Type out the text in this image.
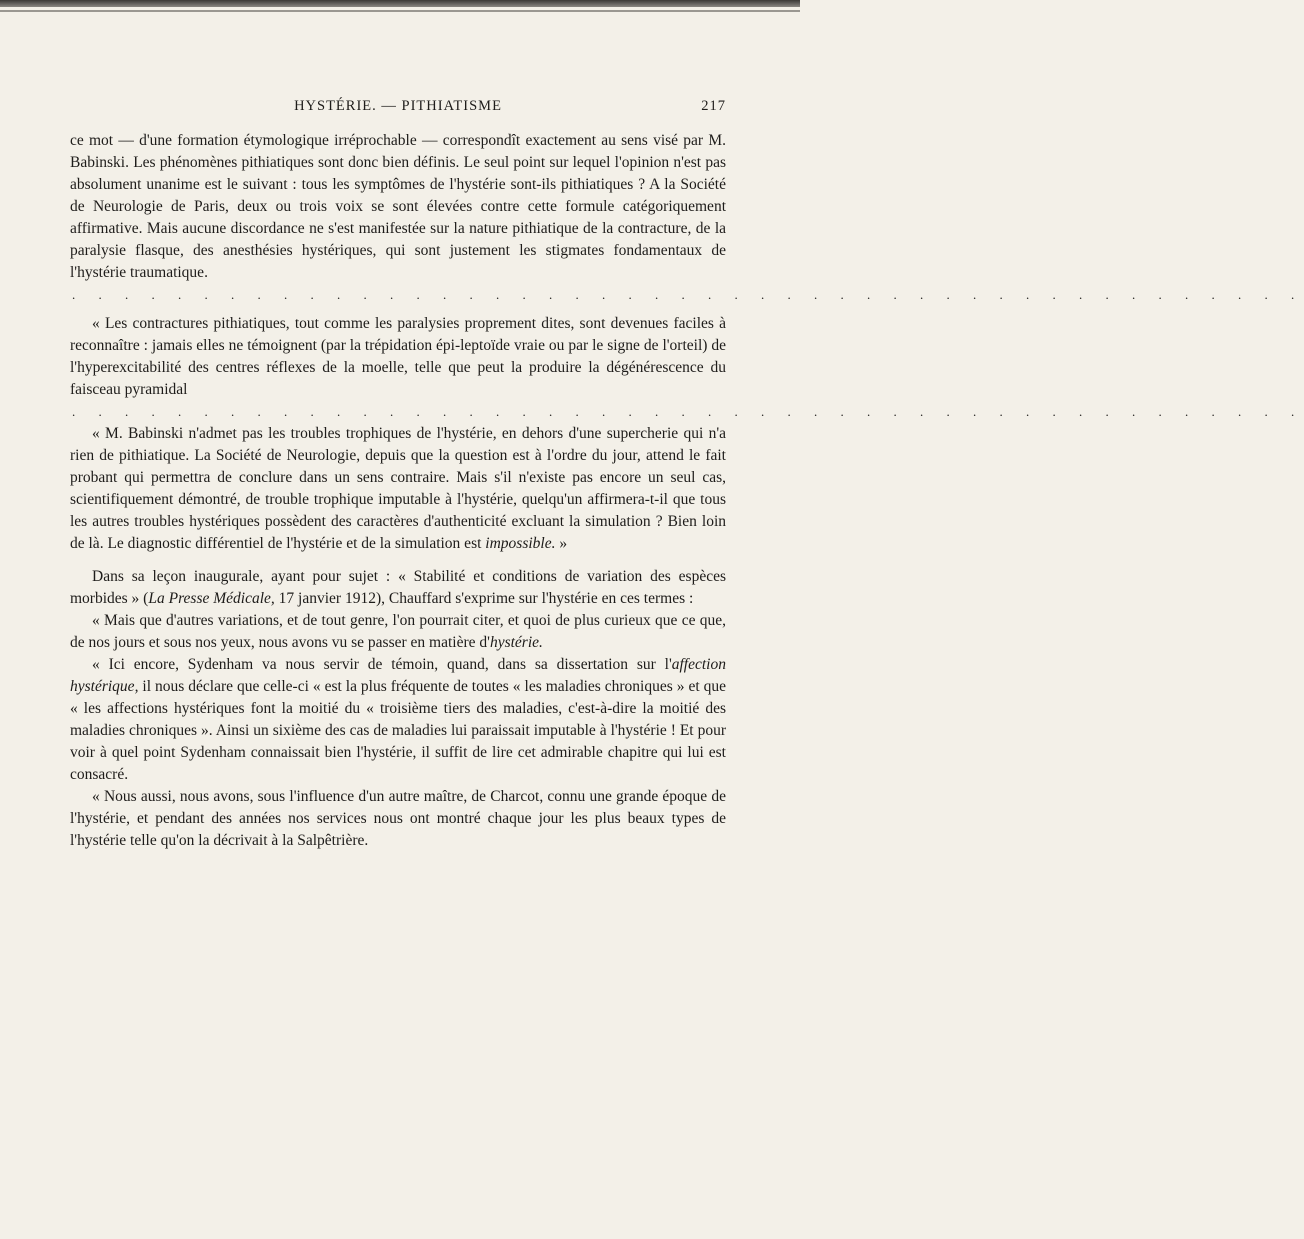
HYSTÉRIE. — PITHIATISME	217

ce mot — d'une formation étymologique irréprochable — correspondît exactement au sens visé par M. Babinski. Les phénomènes pithiatiques sont donc bien définis. Le seul point sur lequel l'opinion n'est pas absolument unanime est le suivant : tous les symptômes de l'hystérie sont-ils pithiatiques ? A la Société de Neurologie de Paris, deux ou trois voix se sont élevées contre cette formule catégoriquement affirmative. Mais aucune discordance ne s'est manifestée sur la nature pithiatique de la contracture, de la paralysie flasque, des anesthésies hystériques, qui sont justement les stigmates fondamentaux de l'hystérie traumatique.

. . . . . . . . . . . . . . . . . . . . . . . . . . . . . . . . . . . . . . . . . . . . . . .

« Les contractures pithiatiques, tout comme les paralysies proprement dites, sont devenues faciles à reconnaître : jamais elles ne témoignent (par la trépidation épi-leptoïde vraie ou par le signe de l'orteil) de l'hyperexcitabilité des centres réflexes de la moelle, telle que peut la produire la dégénérescence du faisceau pyramidal

. . . . . . . . . . . . . . . . . . . . . . . . . . . . . . . . . . . . . . . . . . . . . . .

« M. Babinski n'admet pas les troubles trophiques de l'hystérie, en dehors d'une supercherie qui n'a rien de pithiatique. La Société de Neurologie, depuis que la question est à l'ordre du jour, attend le fait probant qui permettra de conclure dans un sens contraire. Mais s'il n'existe pas encore un seul cas, scientifiquement démontré, de trouble trophique imputable à l'hystérie, quelqu'un affirmera-t-il que tous les autres troubles hystériques possèdent des caractères d'authenticité excluant la simulation ? Bien loin de là. Le diagnostic différentiel de l'hystérie et de la simulation est impossible. »

Dans sa leçon inaugurale, ayant pour sujet : « Stabilité et conditions de variation des espèces morbides » (La Presse Médicale, 17 janvier 1912), Chauffard s'exprime sur l'hystérie en ces termes :

« Mais que d'autres variations, et de tout genre, l'on pourrait citer, et quoi de plus curieux que ce que, de nos jours et sous nos yeux, nous avons vu se passer en matière d'hystérie.

« Ici encore, Sydenham va nous servir de témoin, quand, dans sa dissertation sur l'affection hystérique, il nous déclare que celle-ci « est la plus fréquente de toutes « les maladies chroniques » et que « les affections hystériques font la moitié du « troisième tiers des maladies, c'est-à-dire la moitié des maladies chroniques ». Ainsi un sixième des cas de maladies lui paraissait imputable à l'hystérie ! Et pour voir à quel point Sydenham connaissait bien l'hystérie, il suffit de lire cet admirable chapitre qui lui est consacré.

« Nous aussi, nous avons, sous l'influence d'un autre maître, de Charcot, connu une grande époque de l'hystérie, et pendant des années nos services nous ont montré chaque jour les plus beaux types de l'hystérie telle qu'on la décrivait à la Salpêtrière.
